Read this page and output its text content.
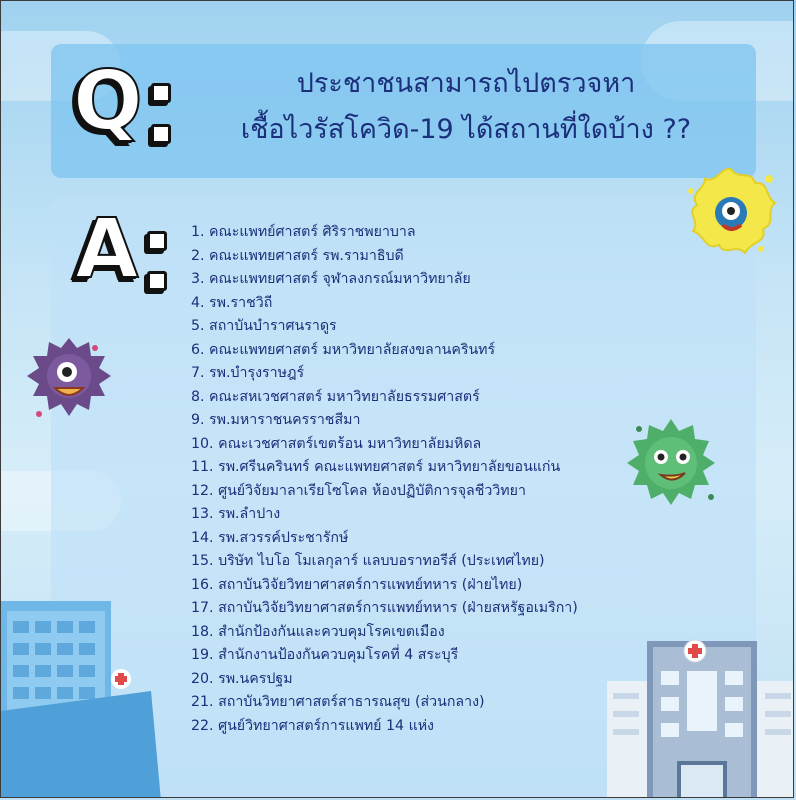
Q	ประชาชนสามารถไปตรวจหา
เชื้อไวรัสโควิด-19 ได้สถานที่ใดบ้าง ??
A	1. คณะแพทย์ศาสตร์ ศิริราชพยาบาล
2. คณะแพทยศาสตร์ รพ.รามาธิบดี
3. คณะแพทยศาสตร์ จุฬาลงกรณ์มหาวิทยาลัย
4. รพ.ราชวิถี
5. สถาบันบำราศนราดูร
6. คณะแพทยศาสตร์ มหาวิทยาลัยสงขลานครินทร์
7. รพ.บำรุงราษฎร์
8. คณะสหเวชศาสตร์ มหาวิทยาลัยธรรมศาสตร์
9. รพ.มหาราชนครราชสีมา
10. คณะเวชศาสตร์เขตร้อน มหาวิทยาลัยมหิดล
11. รพ.ศรีนครินทร์ คณะแพทยศาสตร์ มหาวิทยาลัยขอนแก่น
12. ศูนย์วิจัยมาลาเรียโซโคล ห้องปฏิบัติการจุลชีววิทยา
13. รพ.ลำปาง
14. รพ.สวรรค์ประชารักษ์
15. บริษัท ไบโอ โมเลกุลาร์ แลบบอราทอรีส์ (ประเทศไทย)
16. สถาบันวิจัยวิทยาศาสตร์การแพทย์ทหาร (ฝ่ายไทย)
17. สถาบันวิจัยวิทยาศาสตร์การแพทย์ทหาร (ฝ่ายสหรัฐอเมริกา)
18. สำนักป้องกันและควบคุมโรคเขตเมือง
19. สำนักงานป้องกันควบคุมโรคที่ 4 สระบุรี
20. รพ.นครปฐม
21. สถาบันวิทยาศาสตร์สาธารณสุข (ส่วนกลาง)
22. ศูนย์วิทยาศาสตร์การแพทย์ 14 แห่ง
